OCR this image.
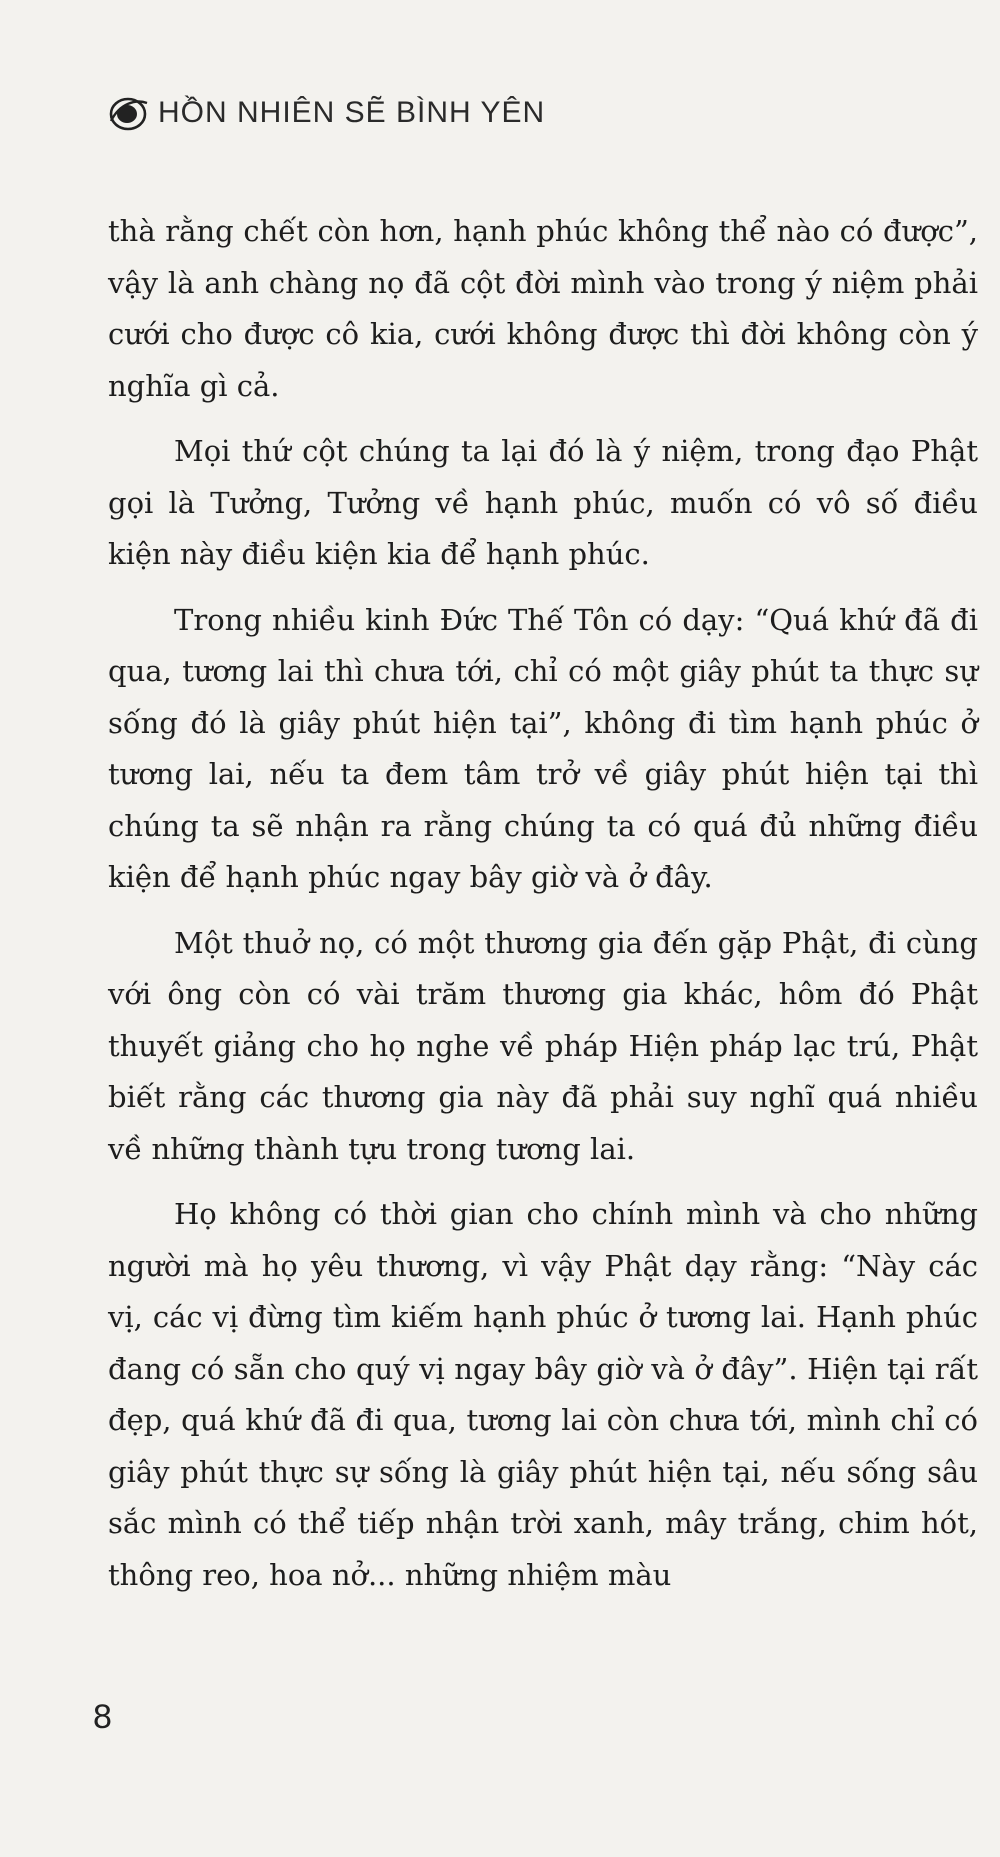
HỒN NHIÊN SẼ BÌNH YÊN

thà rằng chết còn hơn, hạnh phúc không thể nào có được”, vậy là anh chàng nọ đã cột đời mình vào trong ý niệm phải cưới cho được cô kia, cưới không được thì đời không còn ý nghĩa gì cả.

Mọi thứ cột chúng ta lại đó là ý niệm, trong đạo Phật gọi là Tưởng, Tưởng về hạnh phúc, muốn có vô số điều kiện này điều kiện kia để hạnh phúc.

Trong nhiều kinh Đức Thế Tôn có dạy: “Quá khứ đã đi qua, tương lai thì chưa tới, chỉ có một giây phút ta thực sự sống đó là giây phút hiện tại”, không đi tìm hạnh phúc ở tương lai, nếu ta đem tâm trở về giây phút hiện tại thì chúng ta sẽ nhận ra rằng chúng ta có quá đủ những điều kiện để hạnh phúc ngay bây giờ và ở đây.

Một thuở nọ, có một thương gia đến gặp Phật, đi cùng với ông còn có vài trăm thương gia khác, hôm đó Phật thuyết giảng cho họ nghe về pháp Hiện pháp lạc trú, Phật biết rằng các thương gia này đã phải suy nghĩ quá nhiều về những thành tựu trong tương lai.

Họ không có thời gian cho chính mình và cho những người mà họ yêu thương, vì vậy Phật dạy rằng: “Này các vị, các vị đừng tìm kiếm hạnh phúc ở tương lai. Hạnh phúc đang có sẵn cho quý vị ngay bây giờ và ở đây”. Hiện tại rất đẹp, quá khứ đã đi qua, tương lai còn chưa tới, mình chỉ có giây phút thực sự sống là giây phút hiện tại, nếu sống sâu sắc mình có thể tiếp nhận trời xanh, mây trắng, chim hót, thông reo, hoa nở... những nhiệm màu

8
